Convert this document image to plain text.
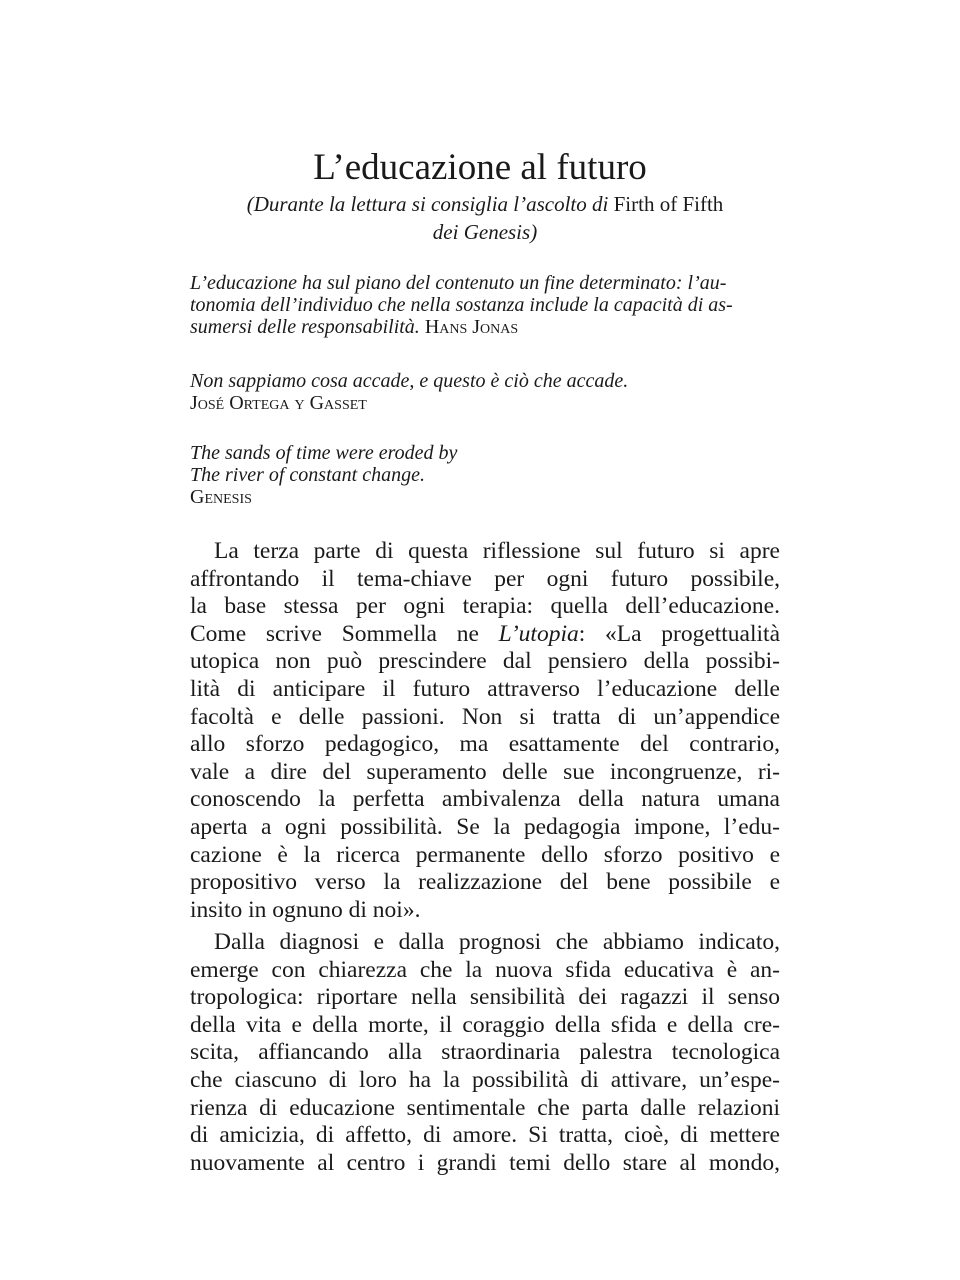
L’educazione al futuro
(Durante la lettura si consiglia l’ascolto di Firth of Fifth
dei Genesis)
L’educazione ha sul piano del contenuto un fine determinato: l’au-
tonomia dell’individuo che nella sostanza include la capacità di as-
sumersi delle responsabilità. Hans Jonas
Non sappiamo cosa accade, e questo è ciò che accade.
José Ortega y Gasset
The sands of time were eroded by
The river of constant change.
Genesis
La terza parte di questa riflessione sul futuro si apre
affrontando il tema-chiave per ogni futuro possibile,
la base stessa per ogni terapia: quella dell’educazione.
Come scrive Sommella ne L’utopia: «La progettualità
utopica non può prescindere dal pensiero della possibi-
lità di anticipare il futuro attraverso l’educazione delle
facoltà e delle passioni. Non si tratta di un’appendice
allo sforzo pedagogico, ma esattamente del contrario,
vale a dire del superamento delle sue incongruenze, ri-
conoscendo la perfetta ambivalenza della natura umana
aperta a ogni possibilità. Se la pedagogia impone, l’edu-
cazione è la ricerca permanente dello sforzo positivo e
propositivo verso la realizzazione del bene possibile e
insito in ognuno di noi».
Dalla diagnosi e dalla prognosi che abbiamo indicato,
emerge con chiarezza che la nuova sfida educativa è an-
tropologica: riportare nella sensibilità dei ragazzi il senso
della vita e della morte, il coraggio della sfida e della cre-
scita, affiancando alla straordinaria palestra tecnologica
che ciascuno di loro ha la possibilità di attivare, un’espe-
rienza di educazione sentimentale che parta dalle relazioni
di amicizia, di affetto, di amore. Si tratta, cioè, di mettere
nuovamente al centro i grandi temi dello stare al mondo,
